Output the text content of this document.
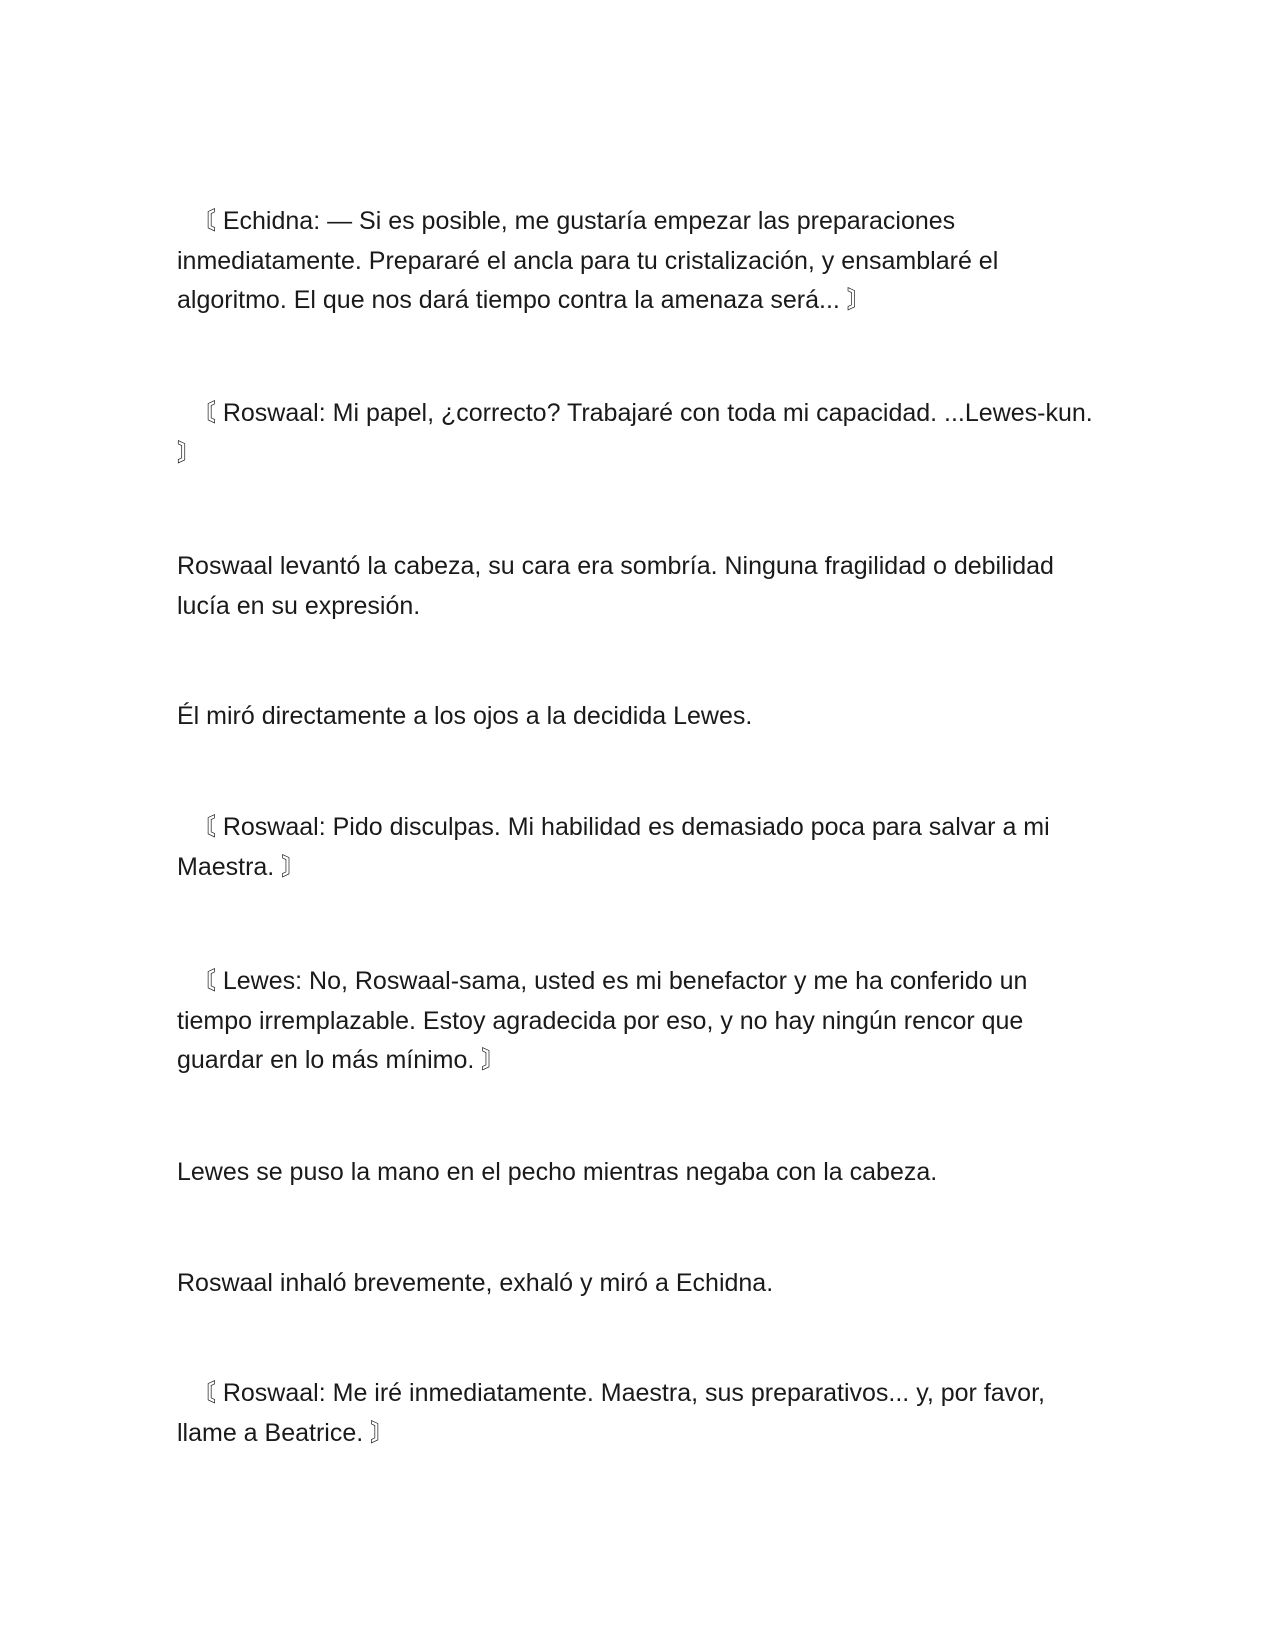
〘 Echidna: — Si es posible, me gustaría empezar las preparaciones inmediatamente. Prepararé el ancla para tu cristalización, y ensamblaré el algoritmo. El que nos dará tiempo contra la amenaza será... 〙

〘 Roswaal: Mi papel, ¿correcto? Trabajaré con toda mi capacidad. ...Lewes-kun. 〙

Roswaal levantó la cabeza, su cara era sombría. Ninguna fragilidad o debilidad lucía en su expresión.

Él miró directamente a los ojos a la decidida Lewes.

〘 Roswaal: Pido disculpas. Mi habilidad es demasiado poca para salvar a mi Maestra. 〙

〘 Lewes: No, Roswaal-sama, usted es mi benefactor y me ha conferido un tiempo irremplazable. Estoy agradecida por eso, y no hay ningún rencor que guardar en lo más mínimo. 〙

Lewes se puso la mano en el pecho mientras negaba con la cabeza.

Roswaal inhaló brevemente, exhaló y miró a Echidna.

〘 Roswaal: Me iré inmediatamente. Maestra, sus preparativos... y, por favor, llame a Beatrice. 〙
